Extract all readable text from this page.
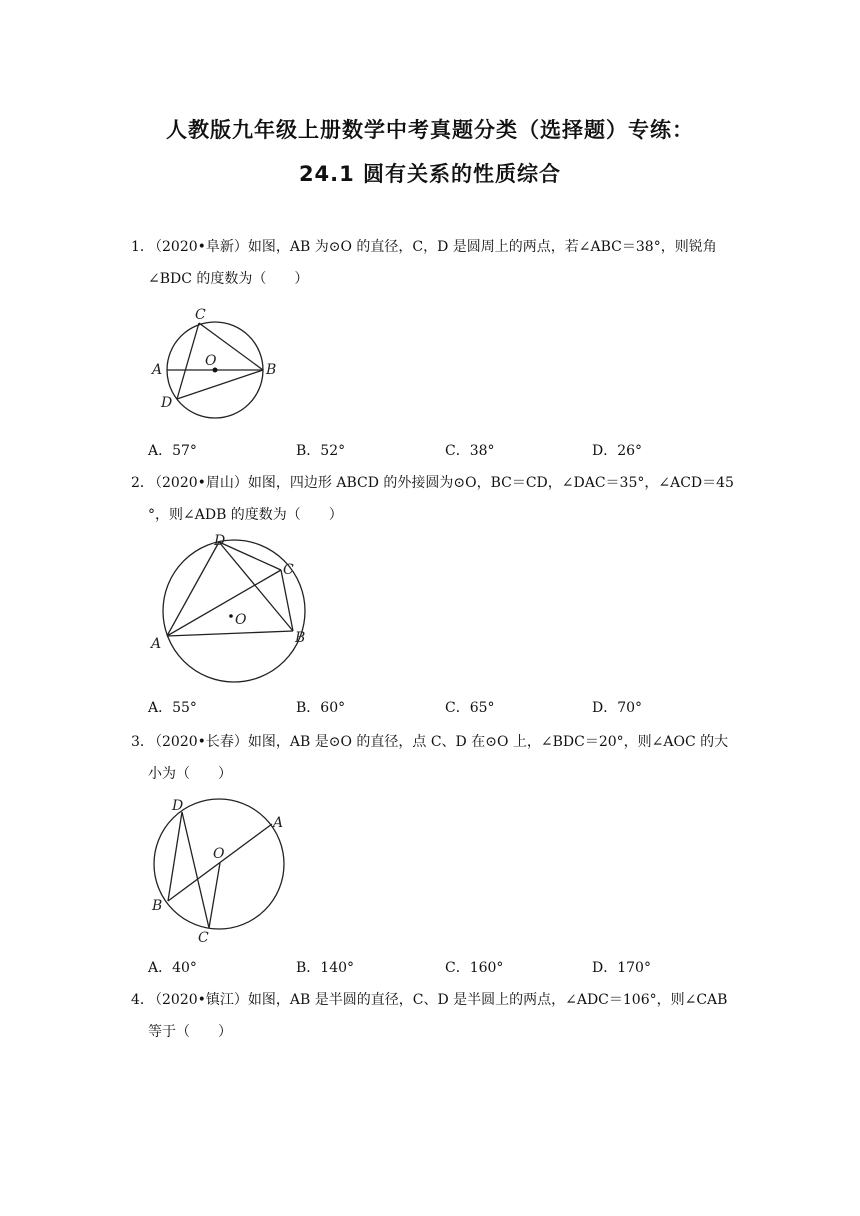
人教版九年级上册数学中考真题分类（选择题）专练：
24.1 圆有关系的性质综合
1．（2020•阜新）如图，AB 为⊙O 的直径，C，D 是圆周上的两点，若∠ABC＝38°，则锐角
∠BDC 的度数为（　　）
A	B
C
D
O
A．57°	B．52°	C．38°	D．26°
2．（2020•眉山）如图，四边形 ABCD 的外接圆为⊙O，BC＝CD，∠DAC＝35°，∠ACD＝45
°，则∠ADB 的度数为（　　）
A	B
C
D
O
A．55°	B．60°	C．65°	D．70°
3．（2020•长春）如图，AB 是⊙O 的直径，点 C、D 在⊙O 上，∠BDC＝20°，则∠AOC 的大
小为（　　）
A
B
C
D
O
A．40°	B．140°	C．160°	D．170°
4．（2020•镇江）如图，AB 是半圆的直径，C、D 是半圆上的两点，∠ADC＝106°，则∠CAB
等于（　　）
